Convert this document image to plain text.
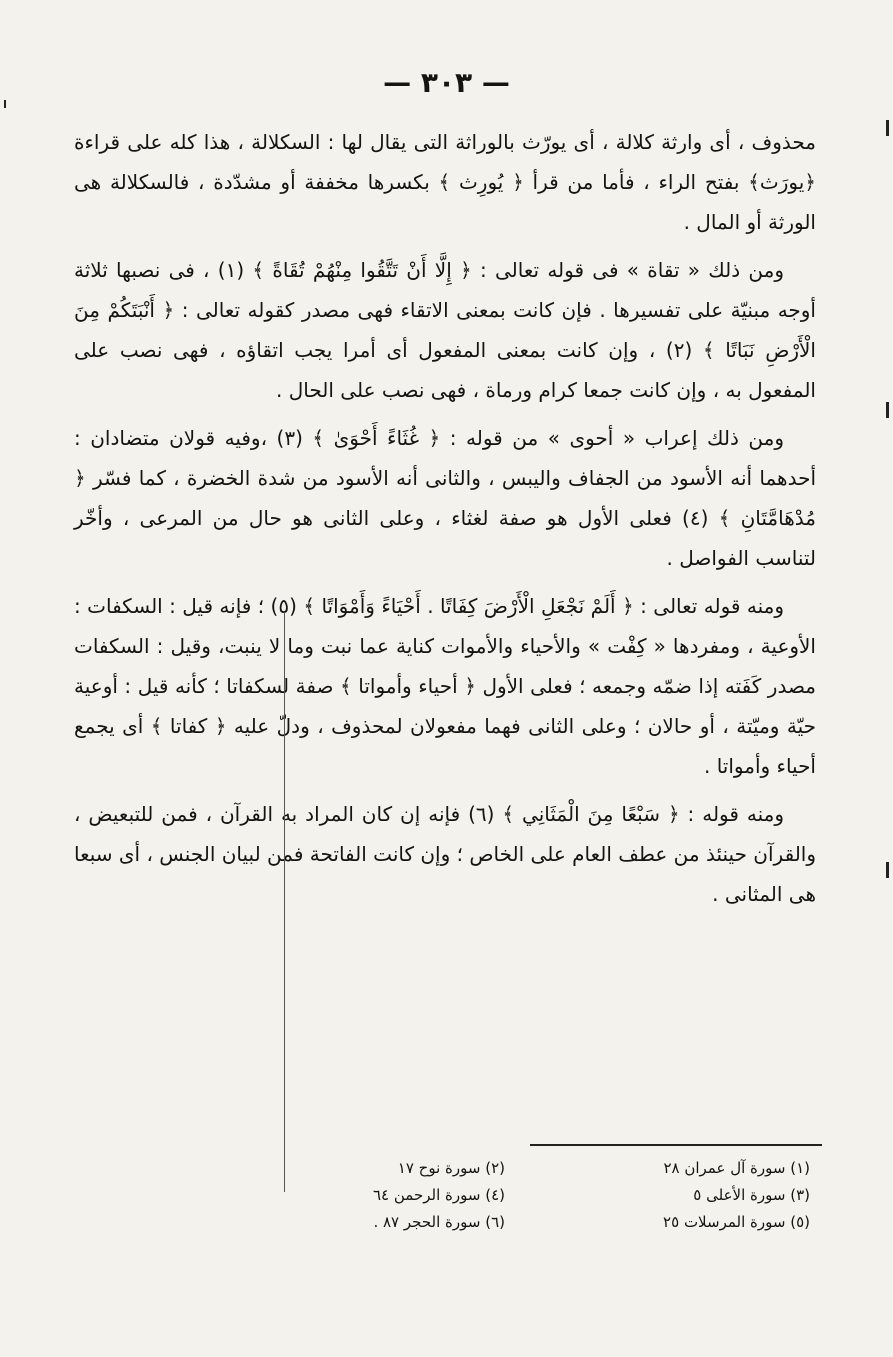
— ٣٠٣ —

محذوف ، أى وارثة كلالة ، أى يورّث بالوراثة التى يقال لها : السكلالة ، هذا كله على قراءة ﴿يورَث﴾ بفتح الراء ، فأما من قرأ ﴿ يُورِث ﴾ بكسرها مخففة أو مشدّدة ، فالسكلالة هى الورثة أو المال .

ومن ذلك « تقاة » فى قوله تعالى : ﴿ إِلَّا أَنْ تَتَّقُوا مِنْهُمْ تُقَاةً ﴾ (١) ، فى نصبها ثلاثة أوجه مبنيّة على تفسيرها . فإن كانت بمعنى الاتقاء فهى مصدر كقوله تعالى : ﴿ أَنْبَتَكُمْ مِنَ الْأَرْضِ نَبَاتًا ﴾ (٢) ، وإن كانت بمعنى المفعول أى أمرا يجب اتقاؤه ، فهى نصب على المفعول به ، وإن كانت جمعا كرام ورماة ، فهى نصب على الحال .

ومن ذلك إعراب « أحوى » من قوله : ﴿ غُثَاءً أَحْوَىٰ ﴾ (٣) ،وفيه قولان متضادان : أحدهما أنه الأسود من الجفاف واليبس ، والثانى أنه الأسود من شدة الخضرة ، كما فسّر ﴿ مُدْهَامَّتَانِ ﴾ (٤) فعلى الأول هو صفة لغثاء ، وعلى الثانى هو حال من المرعى ، وأخّر لتناسب الفواصل .

ومنه قوله تعالى : ﴿ أَلَمْ نَجْعَلِ الْأَرْضَ كِفَاتًا . أَحْيَاءً وَأَمْوَاتًا ﴾ (٥) ؛ فإنه قيل : السكفات : الأوعية ، ومفردها « كِفْت » والأحياء والأموات كناية عما نبت وما لا ينبت، وقيل : السكفات مصدر كَفَته إذا ضمّه وجمعه ؛ فعلى الأول ﴿ أحياء وأمواتا ﴾ صفة لسكفاتا ؛ كأنه قيل : أوعية حيّة وميّتة ، أو حالان ؛ وعلى الثانى فهما مفعولان لمحذوف ، ودلّ عليه ﴿ كفاتا ﴾ أى يجمع أحياء وأمواتا .

ومنه قوله : ﴿ سَبْعًا مِنَ الْمَثَانِي ﴾ (٦) فإنه إن كان المراد به القرآن ، فمن للتبعيض ، والقرآن حينئذ من عطف العام على الخاص ؛ وإن كانت الفاتحة فمن لبيان الجنس ، أى سبعا هى المثانى .

(١) سورة آل عمران ٢٨
(٢) سورة نوح ١٧
(٣) سورة الأعلى ٥
(٤) سورة الرحمن ٦٤
(٥) سورة المرسلات ٢٥
(٦) سورة الحجر ٨٧ .
